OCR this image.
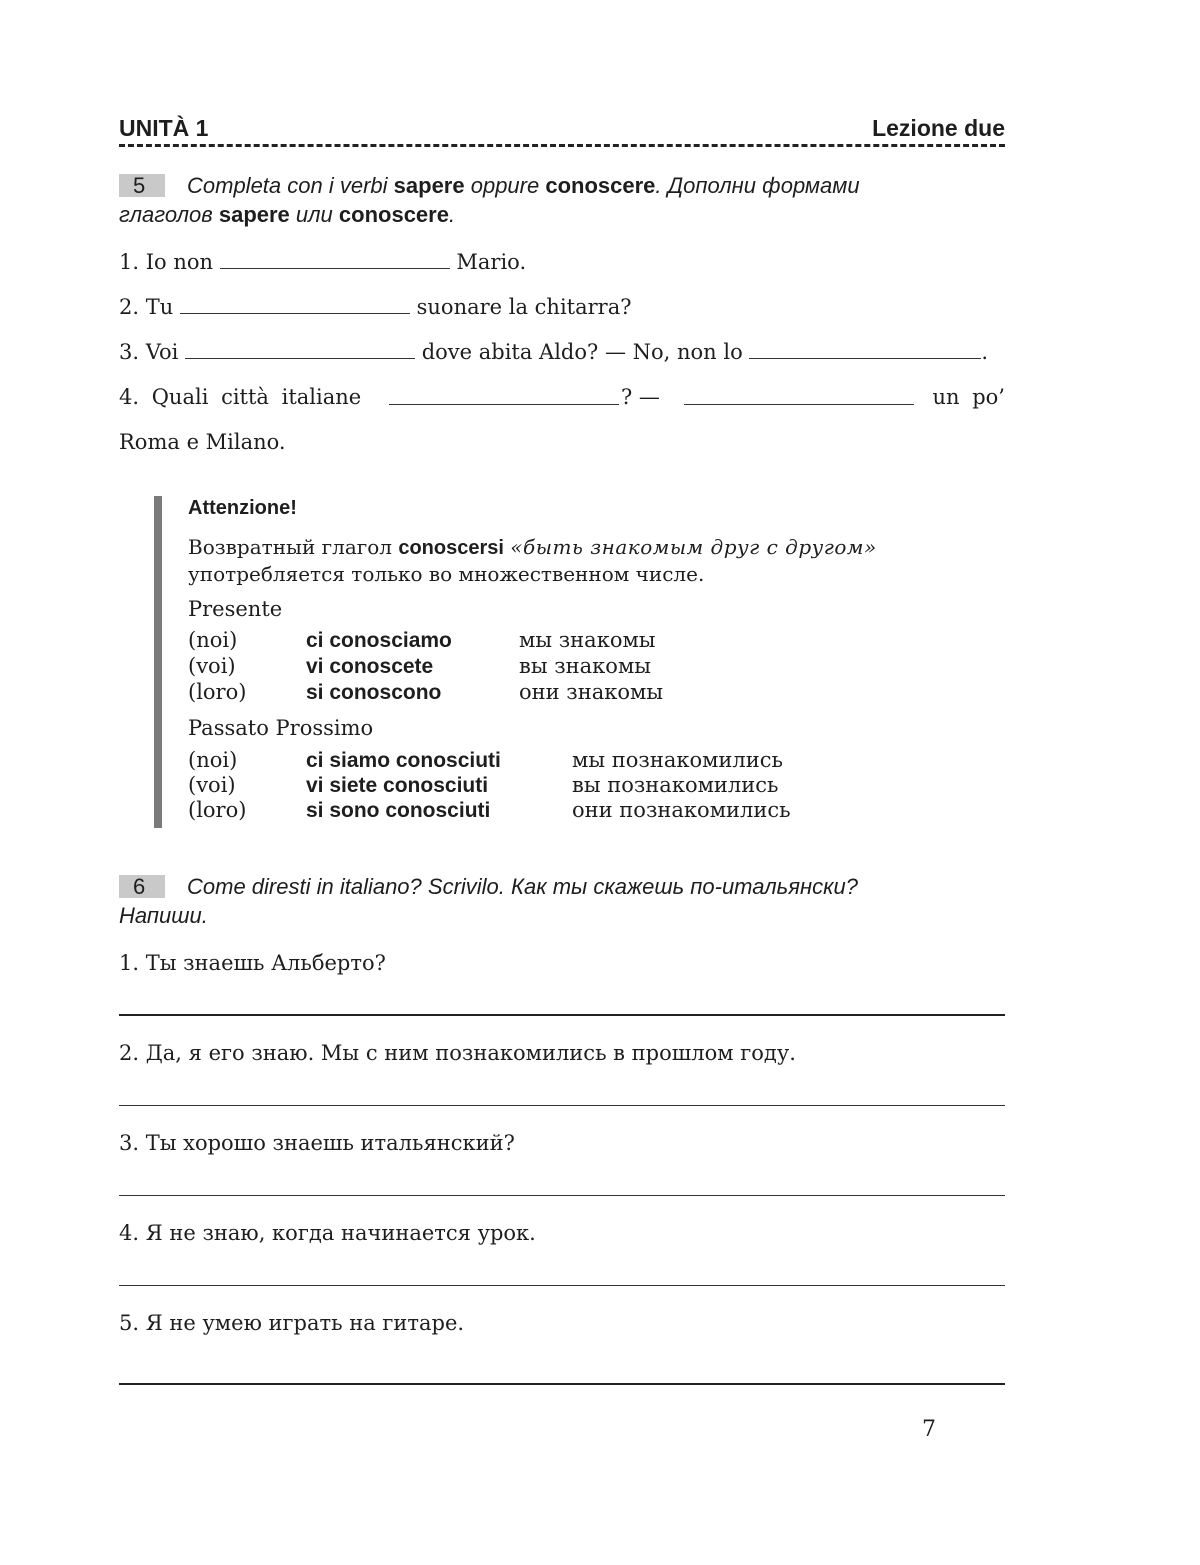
UNITÀ 1	Lezione due
5	Completa con i verbi sapere oppure conoscere. Дополни формами
глаголов sapere или conoscere.
1. Io non	Mario.
2. Tu	suonare la chitarra?
3. Voi	dove abita Aldo? — No, non lo	.
4. Quali città italiane	? —	un po’
Roma e Milano.
Attenzione!
Возвратный глагол conoscersi «быть знакомым друг с другом»
употребляется только во множественном числе.
Presente
(noi)	ci conosciamo	мы знакомы
(voi)	vi conoscete	вы знакомы
(loro)	si conoscono	они знакомы
Passato Prossimo
(noi)	ci siamo conosciuti	мы познакомились
(voi)	vi siete conosciuti	вы познакомились
(loro)	si sono conosciuti	они познакомились
6	Come diresti in italiano? Scrivilo. Как ты скажешь по-итальянски?
Напиши.
1. Ты знаешь Альберто?
2. Да, я его знаю. Мы с ним познакомились в прошлом году.
3. Ты хорошо знаешь итальянский?
4. Я не знаю, когда начинается урок.
5. Я не умею играть на гитаре.
7
